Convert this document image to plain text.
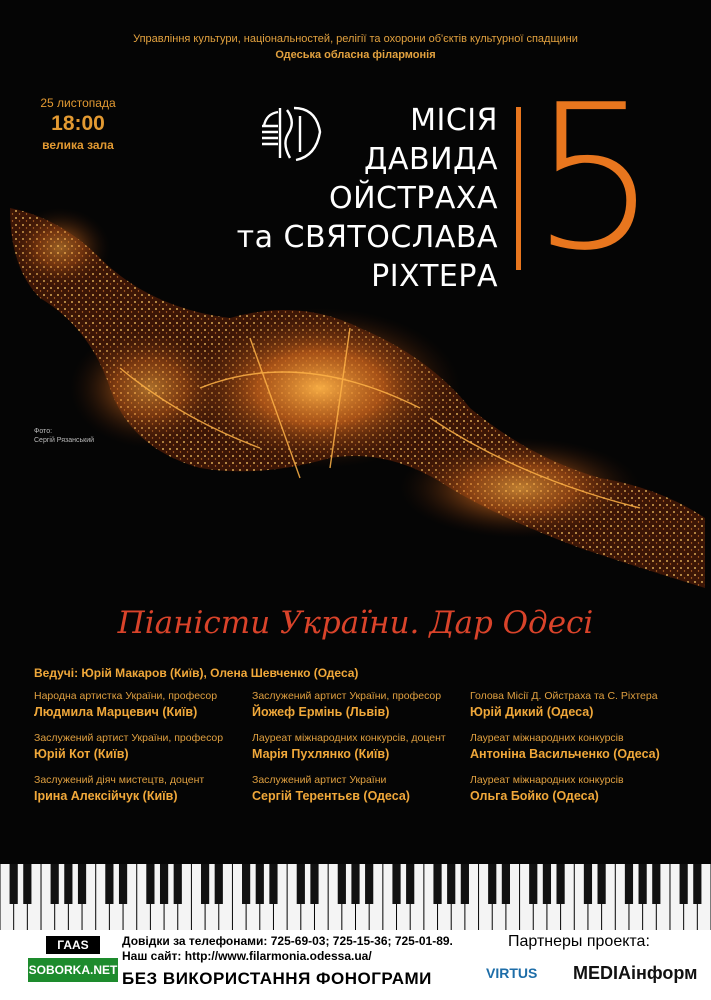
Управління культури, національностей, релігії та охорони об'єктів культурної спадщини
Одеська обласна філармонія
25 листопада
18:00
велика зала
МІСІЯ
ДАВИДА
ОЙСТРАХА
та СВЯТОСЛАВА
РІХТЕРА 5
Фото:
Сергій Рязанський
Піаністи України. Дар Одесі
Ведучі: Юрій Макаров (Київ), Олена Шевченко (Одеса)
Народна артистка України, професор
Людмила Марцевич (Київ)
Заслужений артист України, професор
Йожеф Ермінь (Львів)
Голова Місії Д. Ойстраха та С. Ріхтера
Юрій Дикий (Одеса)
Заслужений артист України, професор
Юрій Кот (Київ)
Лауреат міжнародних конкурсів, доцент
Марія Пухлянко (Київ)
Лауреат міжнародних конкурсів
Антоніна Васильченко (Одеса)
Заслужений діяч мистецтв, доцент
Ірина Алексійчук (Київ)
Заслужений артист України
Сергій Терентьєв (Одеса)
Лауреат міжнародних конкурсів
Ольга Бойко (Одеса)
ГААS
SOBORKA.NET
Довідки за телефонами: 725-69-03; 725-15-36; 725-01-89.
Наш сайт: http://www.filarmonia.odessa.ua/
БЕЗ ВИКОРИСТАННЯ ФОНОГРАМИ
Партнеры проекта:
VIRTUS MEDIAінформ
